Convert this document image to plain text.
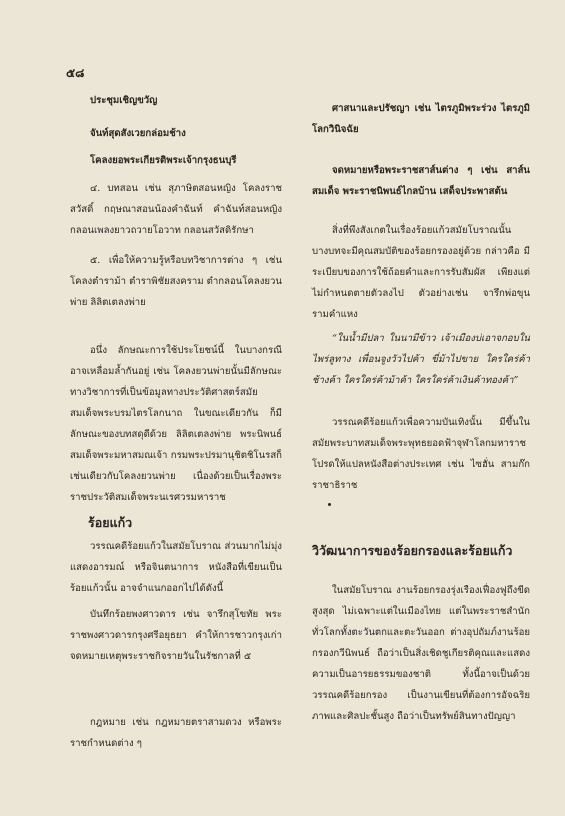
๕๘
ประชุมเชิญขวัญ
จันท์สุดสังเวยกล่อมช้าง
โคลงยอพระเกียรติพระเจ้ากรุงธนบุรี
๔. บทสอน เช่น สุภาษิตสอนหญิง โคลงราชสวัสดิ์ กฤษณาสอนน้องคำฉันท์ คำฉันท์สอนหญิง กลอนเพลงยาวถวายโอวาท กลอนสวัสดิรักษา
๕. เพื่อให้ความรู้หรือบทวิชาการต่าง ๆ เช่น โคลงตำราม้า ตำราพิชัยสงคราม ตำกลอนโคลงยวนพ่าย ลิลิตเตลงพ่าย
อนึ่ง ลักษณะการใช้ประโยชน์นี้ ในบางกรณีอาจเหลื่อมล้ำกันอยู่ เช่น โคลงยวนพ่ายนั้นมีลักษณะทางวิชาการที่เป็นข้อมูลทางประวัติศาสตร์สมัยสมเด็จพระบรมไตรโลกนาถ ในขณะเดียวกัน ก็มีลักษณะของบทสดุดีด้วย ลิลิตเตลงพ่าย พระนิพนธ์สมเด็จพระมหาสมณเจ้า กรมพระปรมานุชิตชิโนรสก็เช่นเดียวกับโคลงยวนพ่าย เนื่องด้วยเป็นเรื่องพระราชประวัติสมเด็จพระนเรศวรมหาราช
ร้อยแก้ว
วรรณคดีร้อยแก้วในสมัยโบราณ ส่วนมากไม่มุ่งแสดงอารมณ์ หรือจินตนาการ หนังสือที่เขียนเป็นร้อยแก้วนั้น อาจจำแนกออกไปได้ดังนี้
บันทึกร้อยพงศาวดาร เช่น จารึกสุโขทัย พระราชพงศาวดารกรุงศรีอยุธยา คำให้การชาวกรุงเก่า จดหมายเหตุพระราชกิจรายวันในรัชกาลที่ ๕
กฎหมาย เช่น กฎหมายตราสามดวง หรือพระราชกำหนดต่าง ๆ
ศาสนาและปรัชญา เช่น ไตรภูมิพระร่วง ไตรภูมิโลกวินิจฉัย
จดหมายหรือพระราชสาส์นต่าง ๆ เช่น สาส์นสมเด็จ พระราชนิพนธ์ไกลบ้าน เสด็จประพาสต้น
สิ่งที่พึงสังเกตในเรื่องร้อยแก้วสมัยโบราณนั้น บางบทจะมีคุณสมบัติของร้อยกรองอยู่ด้วย กล่าวคือ มีระเบียบของการใช้ถ้อยคำและการรับสัมผัส เพียงแต่ไม่กำหนดตายตัวลงไป ตัวอย่างเช่น จารึกพ่อขุนรามคำแหง
“ในน้ำมีปลา ในนามีข้าว เจ้าเมืองบ่เอาจกอบในไพร่ลูทาง เพื่อนจูงวัวไปค้า ขี่ม้าไปขาย ใครใคร่ค้าช้างค้า ใครใคร่ค้าม้าค้า ใครใคร่ค้าเงินค้าทองค้า”
วรรณคดีร้อยแก้วเพื่อความบันเทิงนั้น มีขึ้นในสมัยพระบาทสมเด็จพระพุทธยอดฟ้าจุฬาโลกมหาราช โปรดให้แปลหนังสือต่างประเทศ เช่น ไซฮั่น สามก๊ก ราชาธิราช
วิวัฒนาการของร้อยกรองและร้อยแก้ว
ในสมัยโบราณ งานร้อยกรองรุ่งเรืองเฟื่องฟูถึงขีดสูงสุด ไม่เฉพาะแต่ในเมืองไทย แต่ในพระราชสำนักทั่วโลกทั้งตะวันตกและตะวันออก ต่างอุปถัมภ์งานร้อยกรองกวีนิพนธ์ ถือว่าเป็นสิ่งเชิดชูเกียรติคุณและแสดงความเป็นอารยธรรมของชาติ ทั้งนี้อาจเป็นด้วยวรรณคดีร้อยกรอง เป็นงานเขียนที่ต้องการอัจฉริยภาพและศิลปะชั้นสูง ถือว่าเป็นทรัพย์สินทางปัญญา
